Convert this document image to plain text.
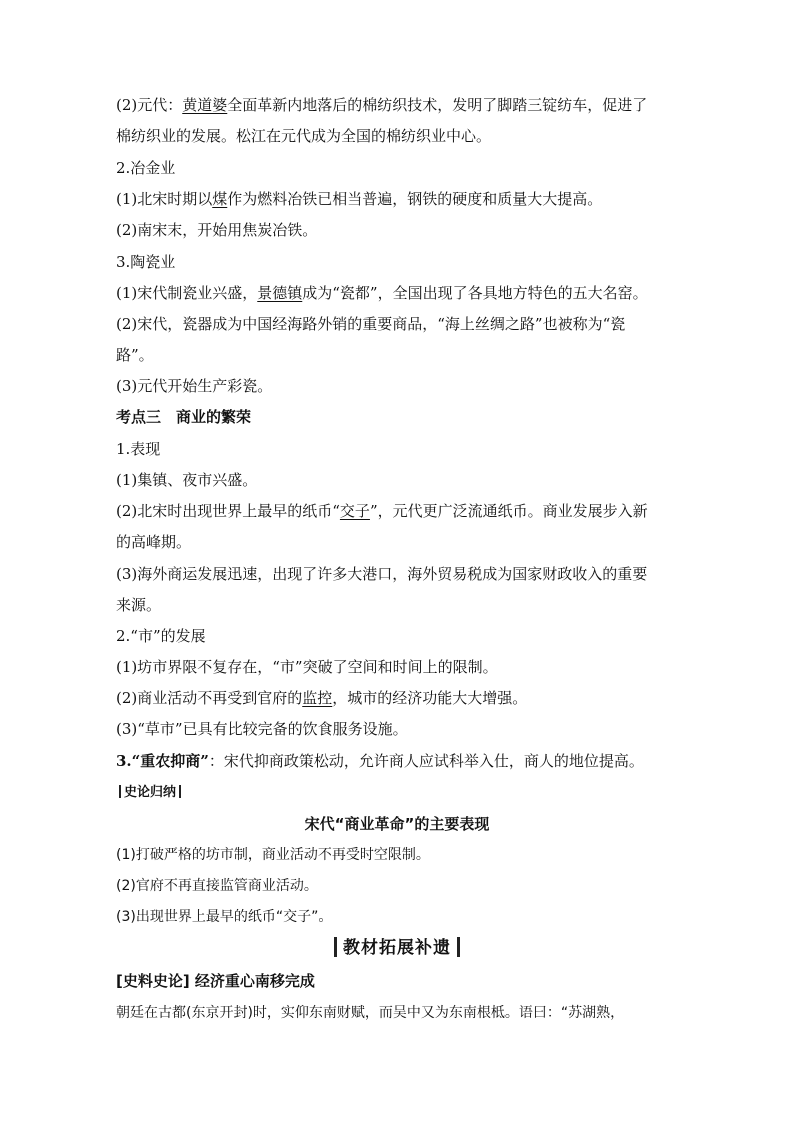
(2)元代：黄道婆全面革新内地落后的棉纺织技术，发明了脚踏三锭纺车，促进了
棉纺织业的发展。松江在元代成为全国的棉纺织业中心。
2.冶金业
(1)北宋时期以煤作为燃料冶铁已相当普遍，钢铁的硬度和质量大大提高。
(2)南宋末，开始用焦炭冶铁。
3.陶瓷业
(1)宋代制瓷业兴盛，景德镇成为“瓷都”，全国出现了各具地方特色的五大名窑。
(2)宋代，瓷器成为中国经海路外销的重要商品，“海上丝绸之路”也被称为“瓷
路”。
(3)元代开始生产彩瓷。
考点三　商业的繁荣
1.表现
(1)集镇、夜市兴盛。
(2)北宋时出现世界上最早的纸币“交子”，元代更广泛流通纸币。商业发展步入新
的高峰期。
(3)海外商运发展迅速，出现了许多大港口，海外贸易税成为国家财政收入的重要
来源。
2.“市”的发展
(1)坊市界限不复存在，“市”突破了空间和时间上的限制。
(2)商业活动不再受到官府的监控，城市的经济功能大大增强。
(3)“草市”已具有比较完备的饮食服务设施。
3.“重农抑商”：宋代抑商政策松动，允许商人应试科举入仕，商人的地位提高。
史论归纳
宋代“商业革命”的主要表现
(1)打破严格的坊市制，商业活动不再受时空限制。
(2)官府不再直接监管商业活动。
(3)出现世界上最早的纸币“交子”。
教材拓展补遗
[史料史论] 经济重心南移完成
朝廷在古都(东京开封)时，实仰东南财赋，而吴中又为东南根柢。语曰：“苏湖熟，
